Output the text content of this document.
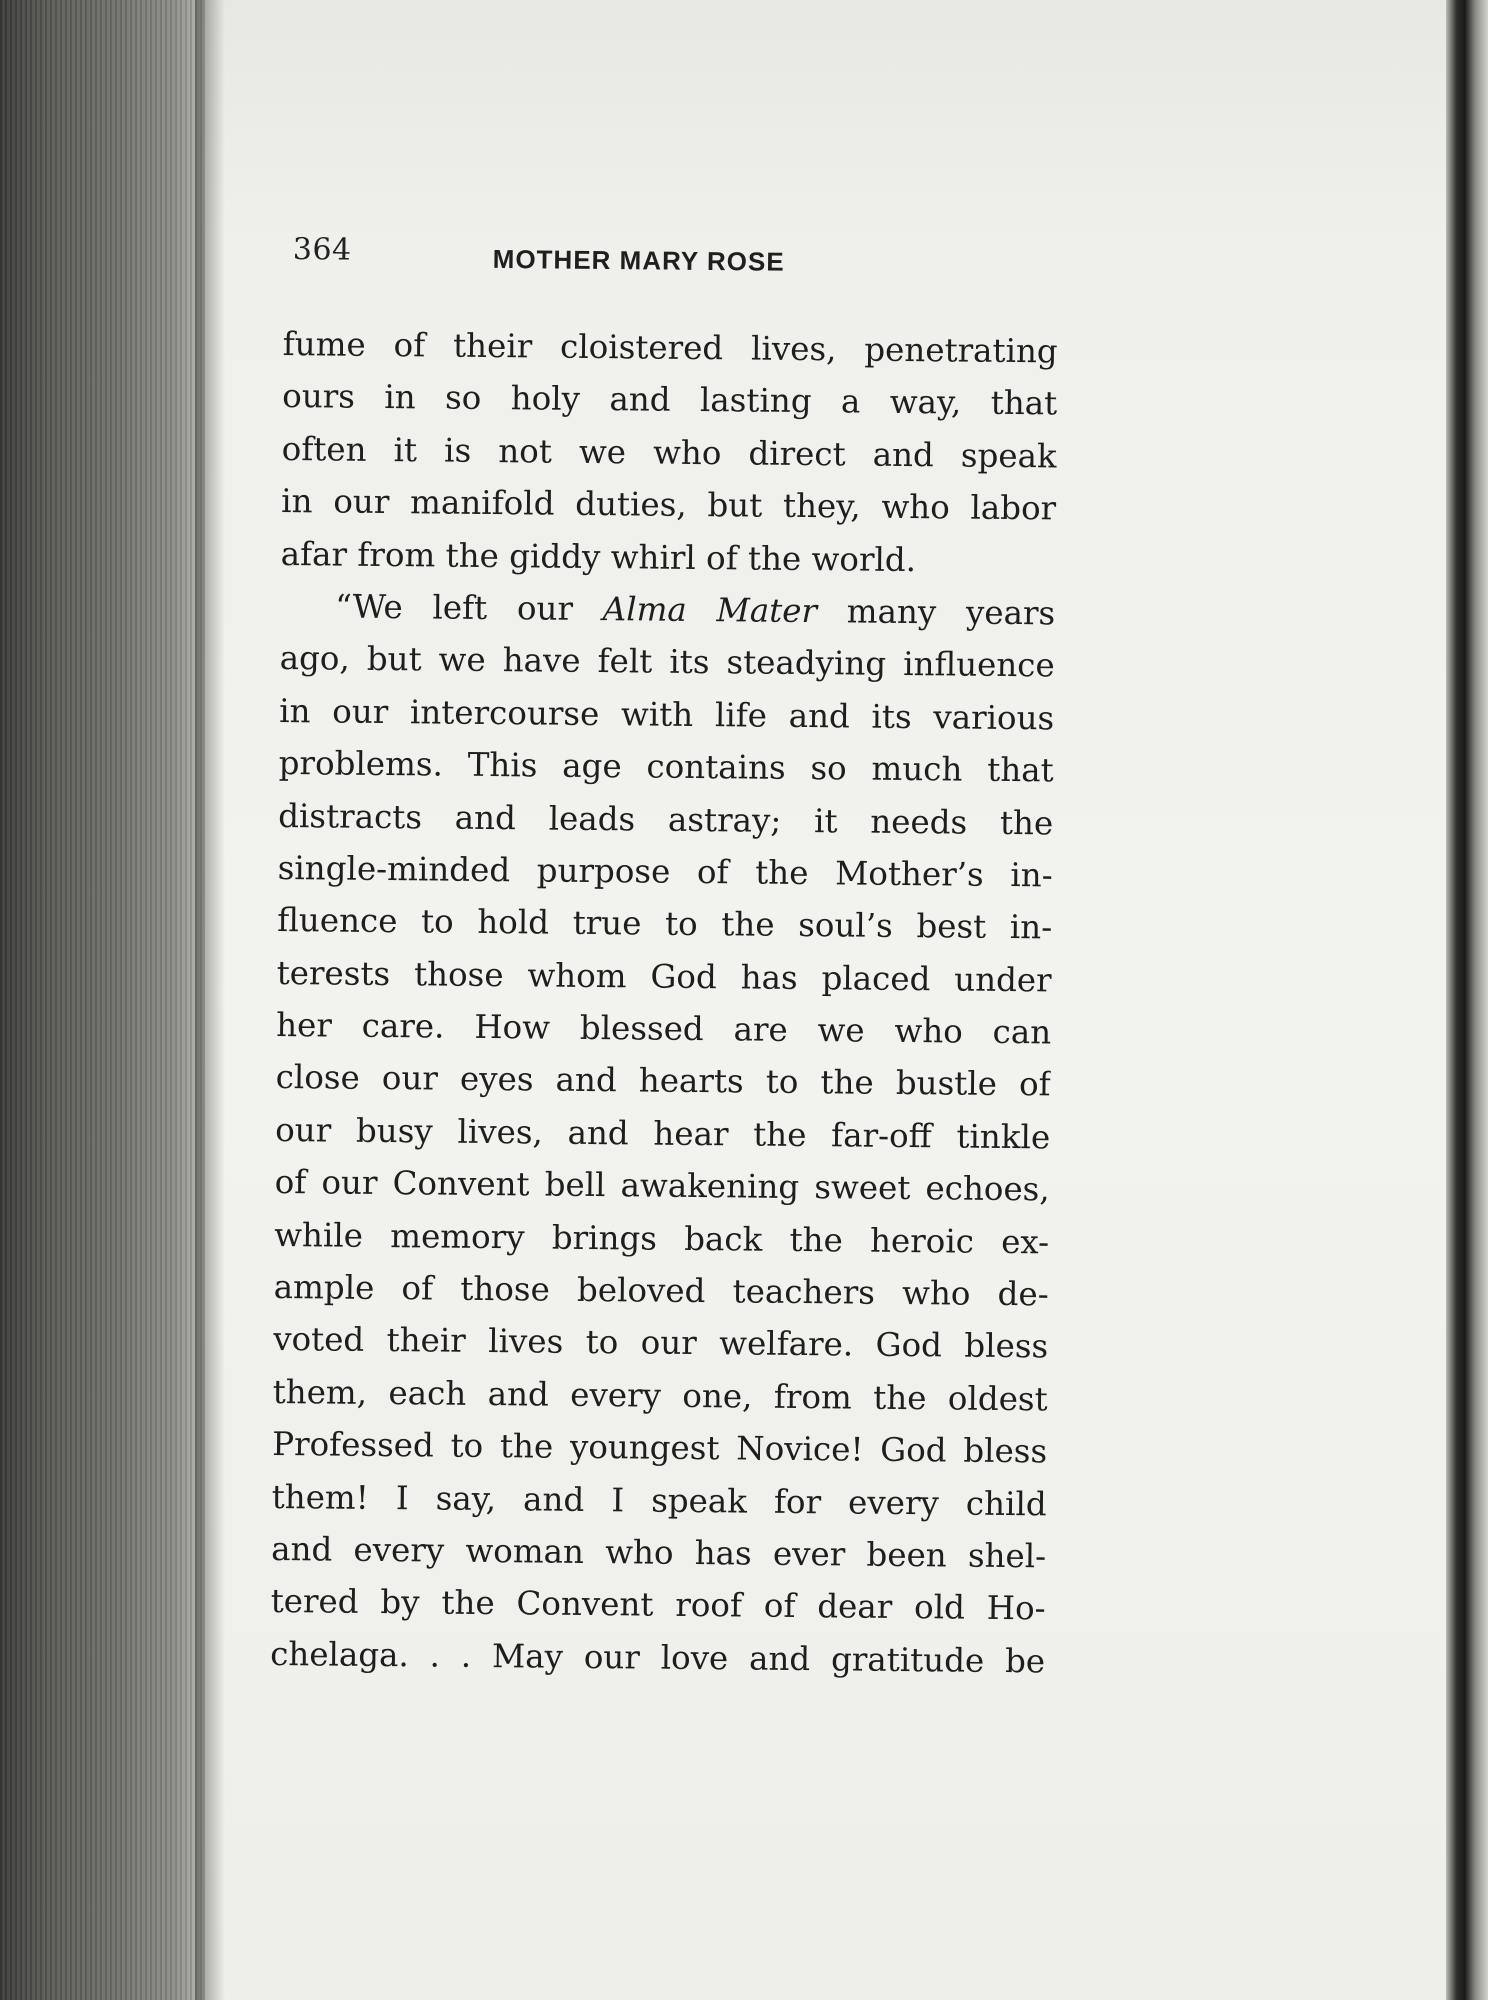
364	MOTHER MARY ROSE
fume of their cloistered lives, penetrating
ours in so holy and lasting a way, that
often it is not we who direct and speak
in our manifold duties, but they, who labor
afar from the giddy whirl of the world.
“We left our Alma Mater many years
ago, but we have felt its steadying influence
in our intercourse with life and its various
problems. This age contains so much that
distracts and leads astray; it needs the
single-minded purpose of the Mother’s in-
fluence to hold true to the soul’s best in-
terests those whom God has placed under
her care. How blessed are we who can
close our eyes and hearts to the bustle of
our busy lives, and hear the far-off tinkle
of our Convent bell awakening sweet echoes,
while memory brings back the heroic ex-
ample of those beloved teachers who de-
voted their lives to our welfare. God bless
them, each and every one, from the oldest
Professed to the youngest Novice! God bless
them! I say, and I speak for every child
and every woman who has ever been shel-
tered by the Convent roof of dear old Ho-
chelaga. . . May our love and gratitude be
